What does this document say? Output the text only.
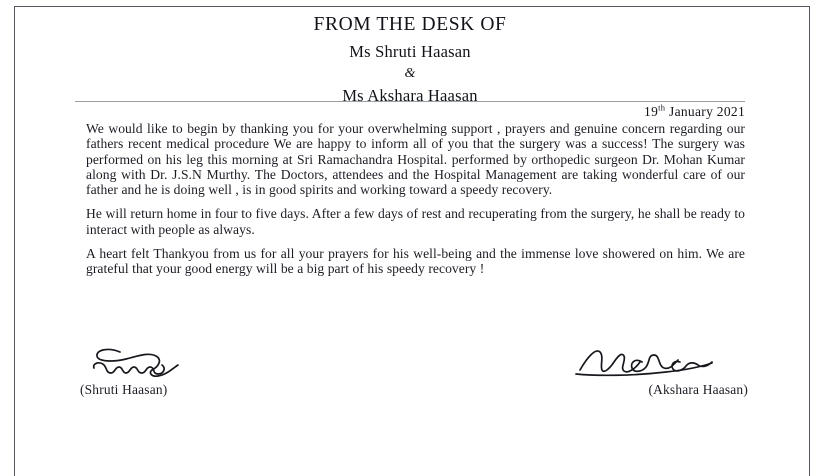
FROM THE DESK OF
Ms Shruti Haasan
&
Ms Akshara Haasan
19th January 2021

We would like to begin by thanking you for your overwhelming support , prayers and genuine concern regarding our fathers recent medical procedure We are happy to inform all of you that the surgery was a success! The surgery was performed on his leg this morning at Sri Ramachandra Hospital. performed by orthopedic surgeon Dr. Mohan Kumar along with Dr. J.S.N Murthy. The Doctors, attendees and the Hospital Management are taking wonderful care of our father and he is doing well , is in good spirits and working toward a speedy recovery.

He will return home in four to five days. After a few days of rest and recuperating from the surgery, he shall be ready to interact with people as always.

A heart felt Thankyou from us for all your prayers for his well-being and the immense love showered on him. We are grateful that your good energy will be a big part of his speedy recovery !

(Shruti Haasan)	(Akshara Haasan)
